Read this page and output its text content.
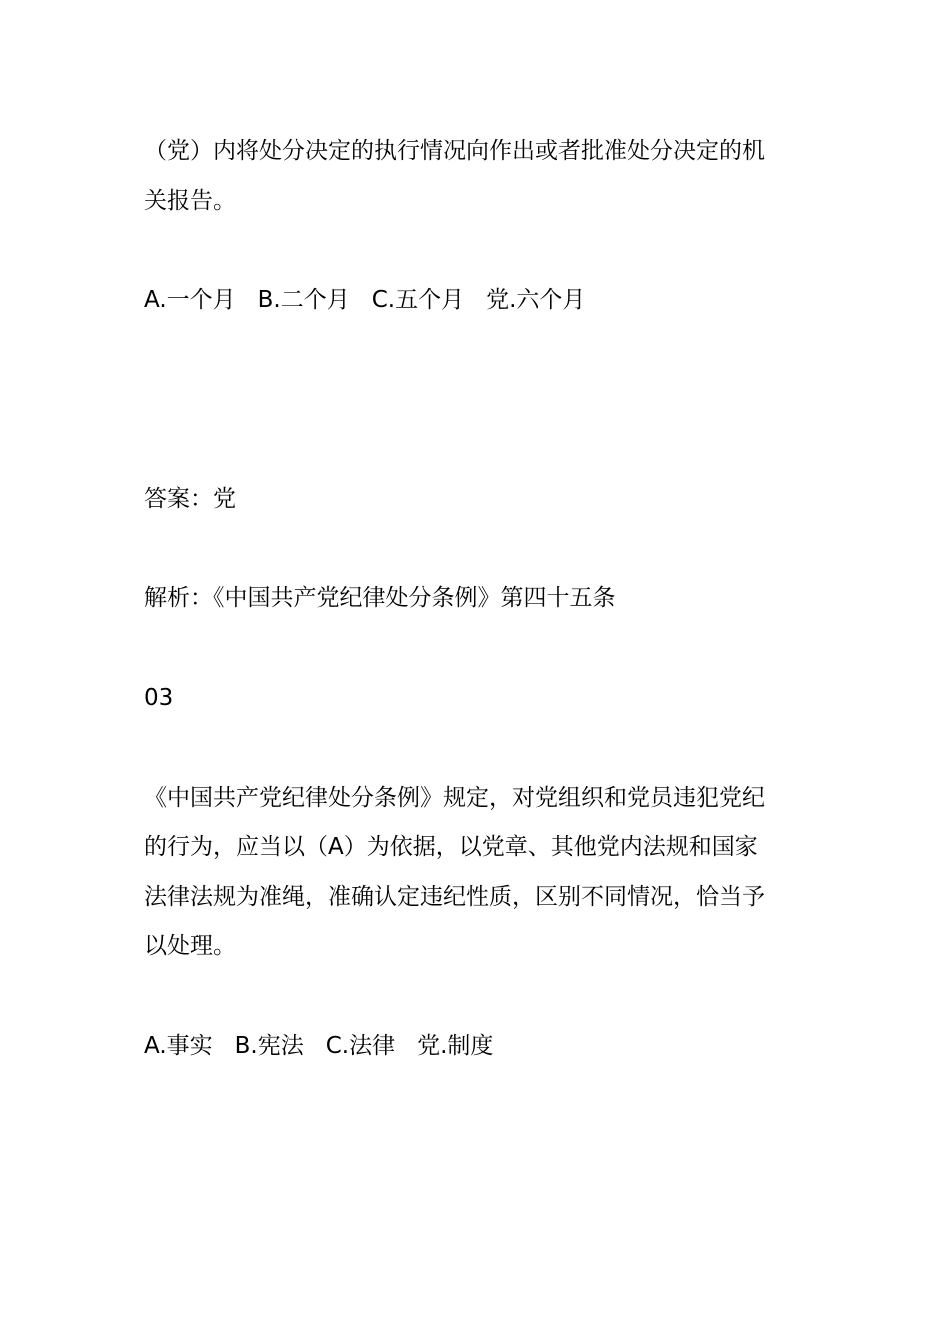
（党）内将处分决定的执行情况向作出或者批准处分决定的机
关报告。
A.一个月 B.二个月 C.五个月 党.六个月
答案：党
解析：《中国共产党纪律处分条例》第四十五条
03
《中国共产党纪律处分条例》规定，对党组织和党员违犯党纪
的行为，应当以（A）为依据，以党章、其他党内法规和国家
法律法规为准绳，准确认定违纪性质，区别不同情况，恰当予
以处理。
A.事实 B.宪法 C.法律 党.制度
